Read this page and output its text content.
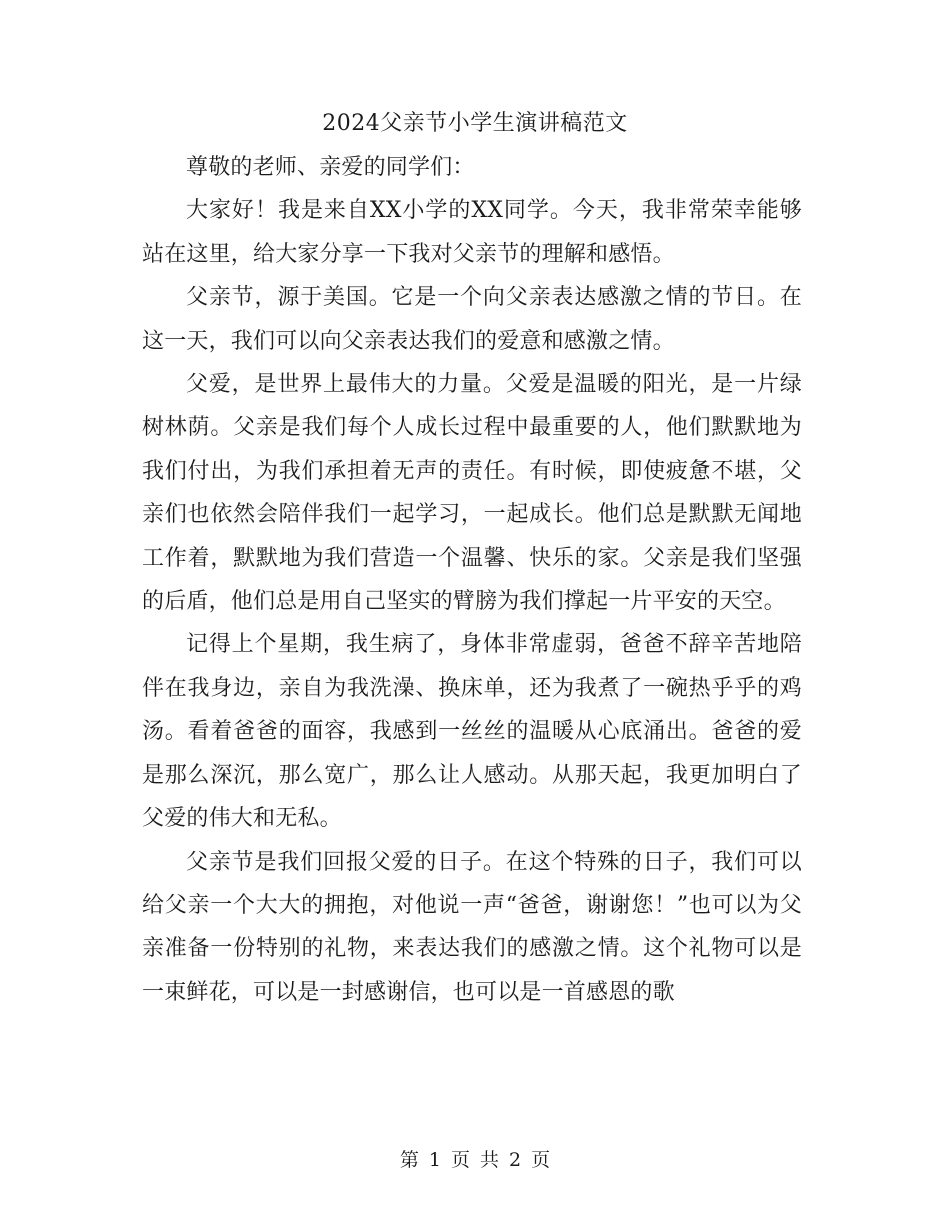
2024父亲节小学生演讲稿范文

尊敬的老师、亲爱的同学们：

大家好！我是来自XX小学的XX同学。今天，我非常荣幸能够站在这里，给大家分享一下我对父亲节的理解和感悟。

父亲节，源于美国。它是一个向父亲表达感激之情的节日。在这一天，我们可以向父亲表达我们的爱意和感激之情。

父爱，是世界上最伟大的力量。父爱是温暖的阳光，是一片绿树林荫。父亲是我们每个人成长过程中最重要的人，他们默默地为我们付出，为我们承担着无声的责任。有时候，即使疲惫不堪，父亲们也依然会陪伴我们一起学习，一起成长。他们总是默默无闻地工作着，默默地为我们营造一个温馨、快乐的家。父亲是我们坚强的后盾，他们总是用自己坚实的臂膀为我们撑起一片平安的天空。

记得上个星期，我生病了，身体非常虚弱，爸爸不辞辛苦地陪伴在我身边，亲自为我洗澡、换床单，还为我煮了一碗热乎乎的鸡汤。看着爸爸的面容，我感到一丝丝的温暖从心底涌出。爸爸的爱是那么深沉，那么宽广，那么让人感动。从那天起，我更加明白了父爱的伟大和无私。

父亲节是我们回报父爱的日子。在这个特殊的日子，我们可以给父亲一个大大的拥抱，对他说一声“爸爸，谢谢您！”也可以为父亲准备一份特别的礼物，来表达我们的感激之情。这个礼物可以是一束鲜花，可以是一封感谢信，也可以是一首感恩的歌

第 1 页 共 2 页
